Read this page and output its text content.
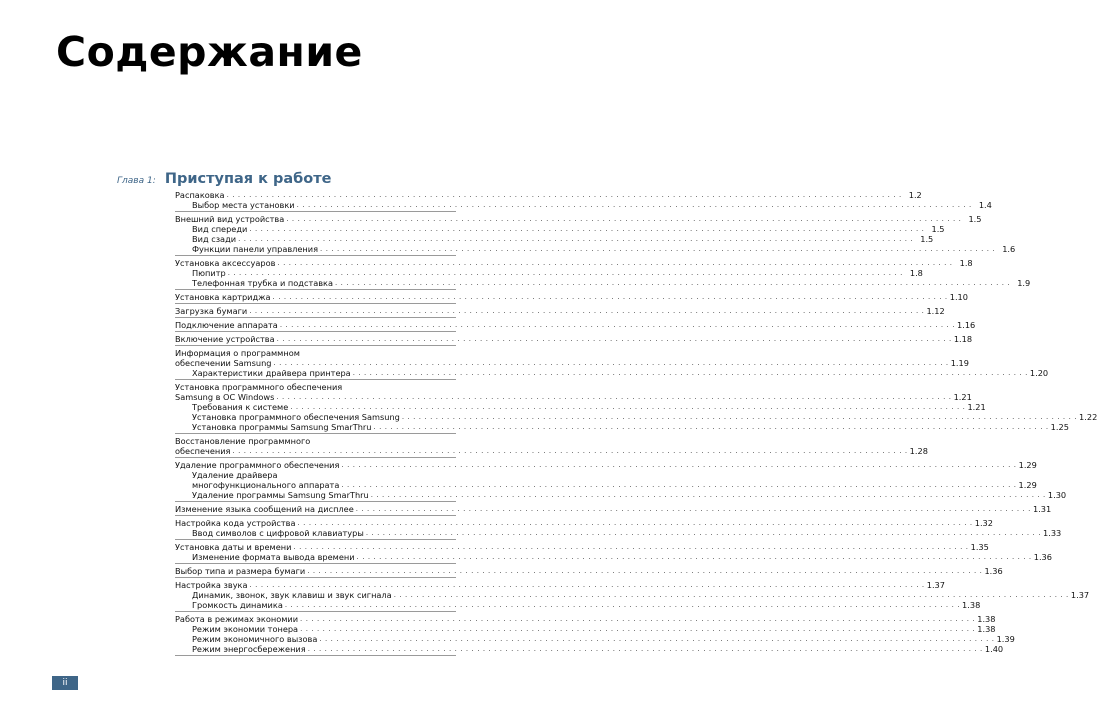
Содержание
Глава 1: Приступая к работе
Распаковка . . . . . . . . . . . . . . . . . . . . . . . . . . . . . . . . . . . . . . . . . . . . . . . . . . . . . . . . . . . . . . . . . . . . . . . . . . . . . . . . . . . . . . . . . . . . . . . . . . . . . . . . . . . . . . . . . . . . . . . . 1.2
Выбор места установки . . . . . . . . . . . . . . . . . . . . . . . . . . . . . . . . . . . . . . . . . . . . . . . . . . . . . . . . . . . . . . . . . . . . . . . . . . . . . . . . . . . . . . . . . . . . . . . . . . . . . . . . . . . . . . . . . . . . . . . . 1.4
Внешний вид устройства . . . . . . . . . . . . . . . . . . . . . . . . . . . . . . . . . . . . . . . . . . . . . . . . . . . . . . . . . . . . . . . . . . . . . . . . . . . . . . . . . . . . . . . . . . . . . . . . . . . . . . . . . . . . . . . . . . . . . . . . 1.5
Вид спереди . . . . . . . . . . . . . . . . . . . . . . . . . . . . . . . . . . . . . . . . . . . . . . . . . . . . . . . . . . . . . . . . . . . . . . . . . . . . . . . . . . . . . . . . . . . . . . . . . . . . . . . . . . . . . . . . . . . . . . . . 1.5
Вид сзади . . . . . . . . . . . . . . . . . . . . . . . . . . . . . . . . . . . . . . . . . . . . . . . . . . . . . . . . . . . . . . . . . . . . . . . . . . . . . . . . . . . . . . . . . . . . . . . . . . . . . . . . . . . . . . . . . . . . . . . . 1.5
Функции панели управления . . . . . . . . . . . . . . . . . . . . . . . . . . . . . . . . . . . . . . . . . . . . . . . . . . . . . . . . . . . . . . . . . . . . . . . . . . . . . . . . . . . . . . . . . . . . . . . . . . . . . . . . . . . . . . . . . . . . . . . . 1.6
Установка аксессуаров . . . . . . . . . . . . . . . . . . . . . . . . . . . . . . . . . . . . . . . . . . . . . . . . . . . . . . . . . . . . . . . . . . . . . . . . . . . . . . . . . . . . . . . . . . . . . . . . . . . . . . . . . . . . . . . . . . . . . . . . 1.8
Пюпитр . . . . . . . . . . . . . . . . . . . . . . . . . . . . . . . . . . . . . . . . . . . . . . . . . . . . . . . . . . . . . . . . . . . . . . . . . . . . . . . . . . . . . . . . . . . . . . . . . . . . . . . . . . . . . . . . . . . . . . . . 1.8
Телефонная трубка и подставка . . . . . . . . . . . . . . . . . . . . . . . . . . . . . . . . . . . . . . . . . . . . . . . . . . . . . . . . . . . . . . . . . . . . . . . . . . . . . . . . . . . . . . . . . . . . . . . . . . . . . . . . . . . . . . . . . . . . . . . . 1.9
Установка картриджа . . . . . . . . . . . . . . . . . . . . . . . . . . . . . . . . . . . . . . . . . . . . . . . . . . . . . . . . . . . . . . . . . . . . . . . . . . . . . . . . . . . . . . . . . . . . . . . . . . . . . . . . . . . . . . . . . . . . . . . . 1.10
Загрузка бумаги . . . . . . . . . . . . . . . . . . . . . . . . . . . . . . . . . . . . . . . . . . . . . . . . . . . . . . . . . . . . . . . . . . . . . . . . . . . . . . . . . . . . . . . . . . . . . . . . . . . . . . . . . . . . . . . . . . . . . . . . 1.12
Подключение аппарата . . . . . . . . . . . . . . . . . . . . . . . . . . . . . . . . . . . . . . . . . . . . . . . . . . . . . . . . . . . . . . . . . . . . . . . . . . . . . . . . . . . . . . . . . . . . . . . . . . . . . . . . . . . . . . . . . . . . . . . . 1.16
Включение устройства . . . . . . . . . . . . . . . . . . . . . . . . . . . . . . . . . . . . . . . . . . . . . . . . . . . . . . . . . . . . . . . . . . . . . . . . . . . . . . . . . . . . . . . . . . . . . . . . . . . . . . . . . . . . . . . . . . . . . . . . 1.18
Информация о программном
обеспечении Samsung . . . . . . . . . . . . . . . . . . . . . . . . . . . . . . . . . . . . . . . . . . . . . . . . . . . . . . . . . . . . . . . . . . . . . . . . . . . . . . . . . . . . . . . . . . . . . . . . . . . . . . . . . . . . . . . . . . . . . . . . 1.19
Характеристики драйвера принтера . . . . . . . . . . . . . . . . . . . . . . . . . . . . . . . . . . . . . . . . . . . . . . . . . . . . . . . . . . . . . . . . . . . . . . . . . . . . . . . . . . . . . . . . . . . . . . . . . . . . . . . . . . . . . . . . . . . . . . . . 1.20
Установка программного обеспечения
Samsung в ОС Windows . . . . . . . . . . . . . . . . . . . . . . . . . . . . . . . . . . . . . . . . . . . . . . . . . . . . . . . . . . . . . . . . . . . . . . . . . . . . . . . . . . . . . . . . . . . . . . . . . . . . . . . . . . . . . . . . . . . . . . . . 1.21
Требования к системе . . . . . . . . . . . . . . . . . . . . . . . . . . . . . . . . . . . . . . . . . . . . . . . . . . . . . . . . . . . . . . . . . . . . . . . . . . . . . . . . . . . . . . . . . . . . . . . . . . . . . . . . . . . . . . . . . . . . . . . . 1.21
Установка программного обеспечения Samsung . . . . . . . . . . . . . . . . . . . . . . . . . . . . . . . . . . . . . . . . . . . . . . . . . . . . . . . . . . . . . . . . . . . . . . . . . . . . . . . . . . . . . . . . . . . . . . . . . . . . . . . . . . . . . . . . . . . . . . . . 1.22
Установка программы Samsung SmarThru . . . . . . . . . . . . . . . . . . . . . . . . . . . . . . . . . . . . . . . . . . . . . . . . . . . . . . . . . . . . . . . . . . . . . . . . . . . . . . . . . . . . . . . . . . . . . . . . . . . . . . . . . . . . . . . . . . . . . . . . 1.25
Восстановление программного
обеспечения . . . . . . . . . . . . . . . . . . . . . . . . . . . . . . . . . . . . . . . . . . . . . . . . . . . . . . . . . . . . . . . . . . . . . . . . . . . . . . . . . . . . . . . . . . . . . . . . . . . . . . . . . . . . . . . . . . . . . . . . 1.28
Удаление программного обеспечения . . . . . . . . . . . . . . . . . . . . . . . . . . . . . . . . . . . . . . . . . . . . . . . . . . . . . . . . . . . . . . . . . . . . . . . . . . . . . . . . . . . . . . . . . . . . . . . . . . . . . . . . . . . . . . . . . . . . . . . . 1.29
Удаление драйвера
многофункционального аппарата . . . . . . . . . . . . . . . . . . . . . . . . . . . . . . . . . . . . . . . . . . . . . . . . . . . . . . . . . . . . . . . . . . . . . . . . . . . . . . . . . . . . . . . . . . . . . . . . . . . . . . . . . . . . . . . . . . . . . . . . 1.29
Удаление программы Samsung SmarThru . . . . . . . . . . . . . . . . . . . . . . . . . . . . . . . . . . . . . . . . . . . . . . . . . . . . . . . . . . . . . . . . . . . . . . . . . . . . . . . . . . . . . . . . . . . . . . . . . . . . . . . . . . . . . . . . . . . . . . . . 1.30
Изменение языка сообщений на дисплее . . . . . . . . . . . . . . . . . . . . . . . . . . . . . . . . . . . . . . . . . . . . . . . . . . . . . . . . . . . . . . . . . . . . . . . . . . . . . . . . . . . . . . . . . . . . . . . . . . . . . . . . . . . . . . . . . . . . . . . . 1.31
Настройка кода устройства . . . . . . . . . . . . . . . . . . . . . . . . . . . . . . . . . . . . . . . . . . . . . . . . . . . . . . . . . . . . . . . . . . . . . . . . . . . . . . . . . . . . . . . . . . . . . . . . . . . . . . . . . . . . . . . . . . . . . . . . 1.32
Ввод символов с цифровой клавиатуры . . . . . . . . . . . . . . . . . . . . . . . . . . . . . . . . . . . . . . . . . . . . . . . . . . . . . . . . . . . . . . . . . . . . . . . . . . . . . . . . . . . . . . . . . . . . . . . . . . . . . . . . . . . . . . . . . . . . . . . . 1.33
Установка даты и времени . . . . . . . . . . . . . . . . . . . . . . . . . . . . . . . . . . . . . . . . . . . . . . . . . . . . . . . . . . . . . . . . . . . . . . . . . . . . . . . . . . . . . . . . . . . . . . . . . . . . . . . . . . . . . . . . . . . . . . . . 1.35
Изменение формата вывода времени . . . . . . . . . . . . . . . . . . . . . . . . . . . . . . . . . . . . . . . . . . . . . . . . . . . . . . . . . . . . . . . . . . . . . . . . . . . . . . . . . . . . . . . . . . . . . . . . . . . . . . . . . . . . . . . . . . . . . . . . 1.36
Выбор типа и размера бумаги . . . . . . . . . . . . . . . . . . . . . . . . . . . . . . . . . . . . . . . . . . . . . . . . . . . . . . . . . . . . . . . . . . . . . . . . . . . . . . . . . . . . . . . . . . . . . . . . . . . . . . . . . . . . . . . . . . . . . . . . 1.36
Настройка звука . . . . . . . . . . . . . . . . . . . . . . . . . . . . . . . . . . . . . . . . . . . . . . . . . . . . . . . . . . . . . . . . . . . . . . . . . . . . . . . . . . . . . . . . . . . . . . . . . . . . . . . . . . . . . . . . . . . . . . . . 1.37
Динамик, звонок, звук клавиш и звук сигнала . . . . . . . . . . . . . . . . . . . . . . . . . . . . . . . . . . . . . . . . . . . . . . . . . . . . . . . . . . . . . . . . . . . . . . . . . . . . . . . . . . . . . . . . . . . . . . . . . . . . . . . . . . . . . . . . . . . . . . . . 1.37
Громкость динамика . . . . . . . . . . . . . . . . . . . . . . . . . . . . . . . . . . . . . . . . . . . . . . . . . . . . . . . . . . . . . . . . . . . . . . . . . . . . . . . . . . . . . . . . . . . . . . . . . . . . . . . . . . . . . . . . . . . . . . . . 1.38
Работа в режимах экономии . . . . . . . . . . . . . . . . . . . . . . . . . . . . . . . . . . . . . . . . . . . . . . . . . . . . . . . . . . . . . . . . . . . . . . . . . . . . . . . . . . . . . . . . . . . . . . . . . . . . . . . . . . . . . . . . . . . . . . . . 1.38
Режим экономии тонера . . . . . . . . . . . . . . . . . . . . . . . . . . . . . . . . . . . . . . . . . . . . . . . . . . . . . . . . . . . . . . . . . . . . . . . . . . . . . . . . . . . . . . . . . . . . . . . . . . . . . . . . . . . . . . . . . . . . . . . . 1.38
Режим экономичного вызова . . . . . . . . . . . . . . . . . . . . . . . . . . . . . . . . . . . . . . . . . . . . . . . . . . . . . . . . . . . . . . . . . . . . . . . . . . . . . . . . . . . . . . . . . . . . . . . . . . . . . . . . . . . . . . . . . . . . . . . . 1.39
Режим энергосбережения . . . . . . . . . . . . . . . . . . . . . . . . . . . . . . . . . . . . . . . . . . . . . . . . . . . . . . . . . . . . . . . . . . . . . . . . . . . . . . . . . . . . . . . . . . . . . . . . . . . . . . . . . . . . . . . . . . . . . . . . 1.40
ii
